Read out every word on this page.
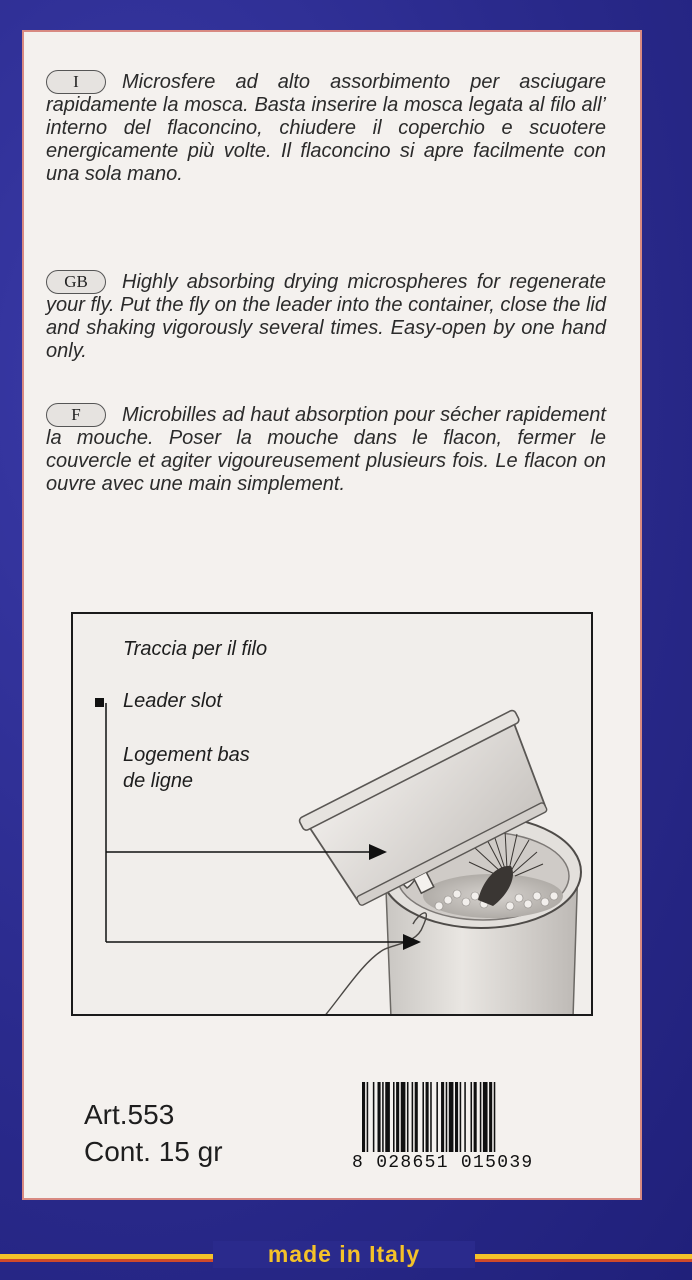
I Microsfere ad alto assorbimento per asciugare rapidamente la mosca. Basta inserire la mosca legata al filo all’ interno del flaconcino, chiudere il coperchio e scuotere energicamente più volte. Il flaconcino si apre facilmente con una sola mano.
GB Highly absorbing drying microspheres for regenerate your fly. Put the fly on the leader into the container, close the lid and shaking vigorously several times. Easy-open by one hand only.
F Microbilles ad haut absorption pour sécher rapidement la mouche. Poser la mouche dans le flacon, fermer le couvercle et agiter vigoureusement plusieurs fois. Le flacon on ouvre avec une main simplement.
Traccia per il filo
Leader slot
Logement bas
de ligne
Art.553
Cont. 15 gr	8 028651 015039
made in Italy
